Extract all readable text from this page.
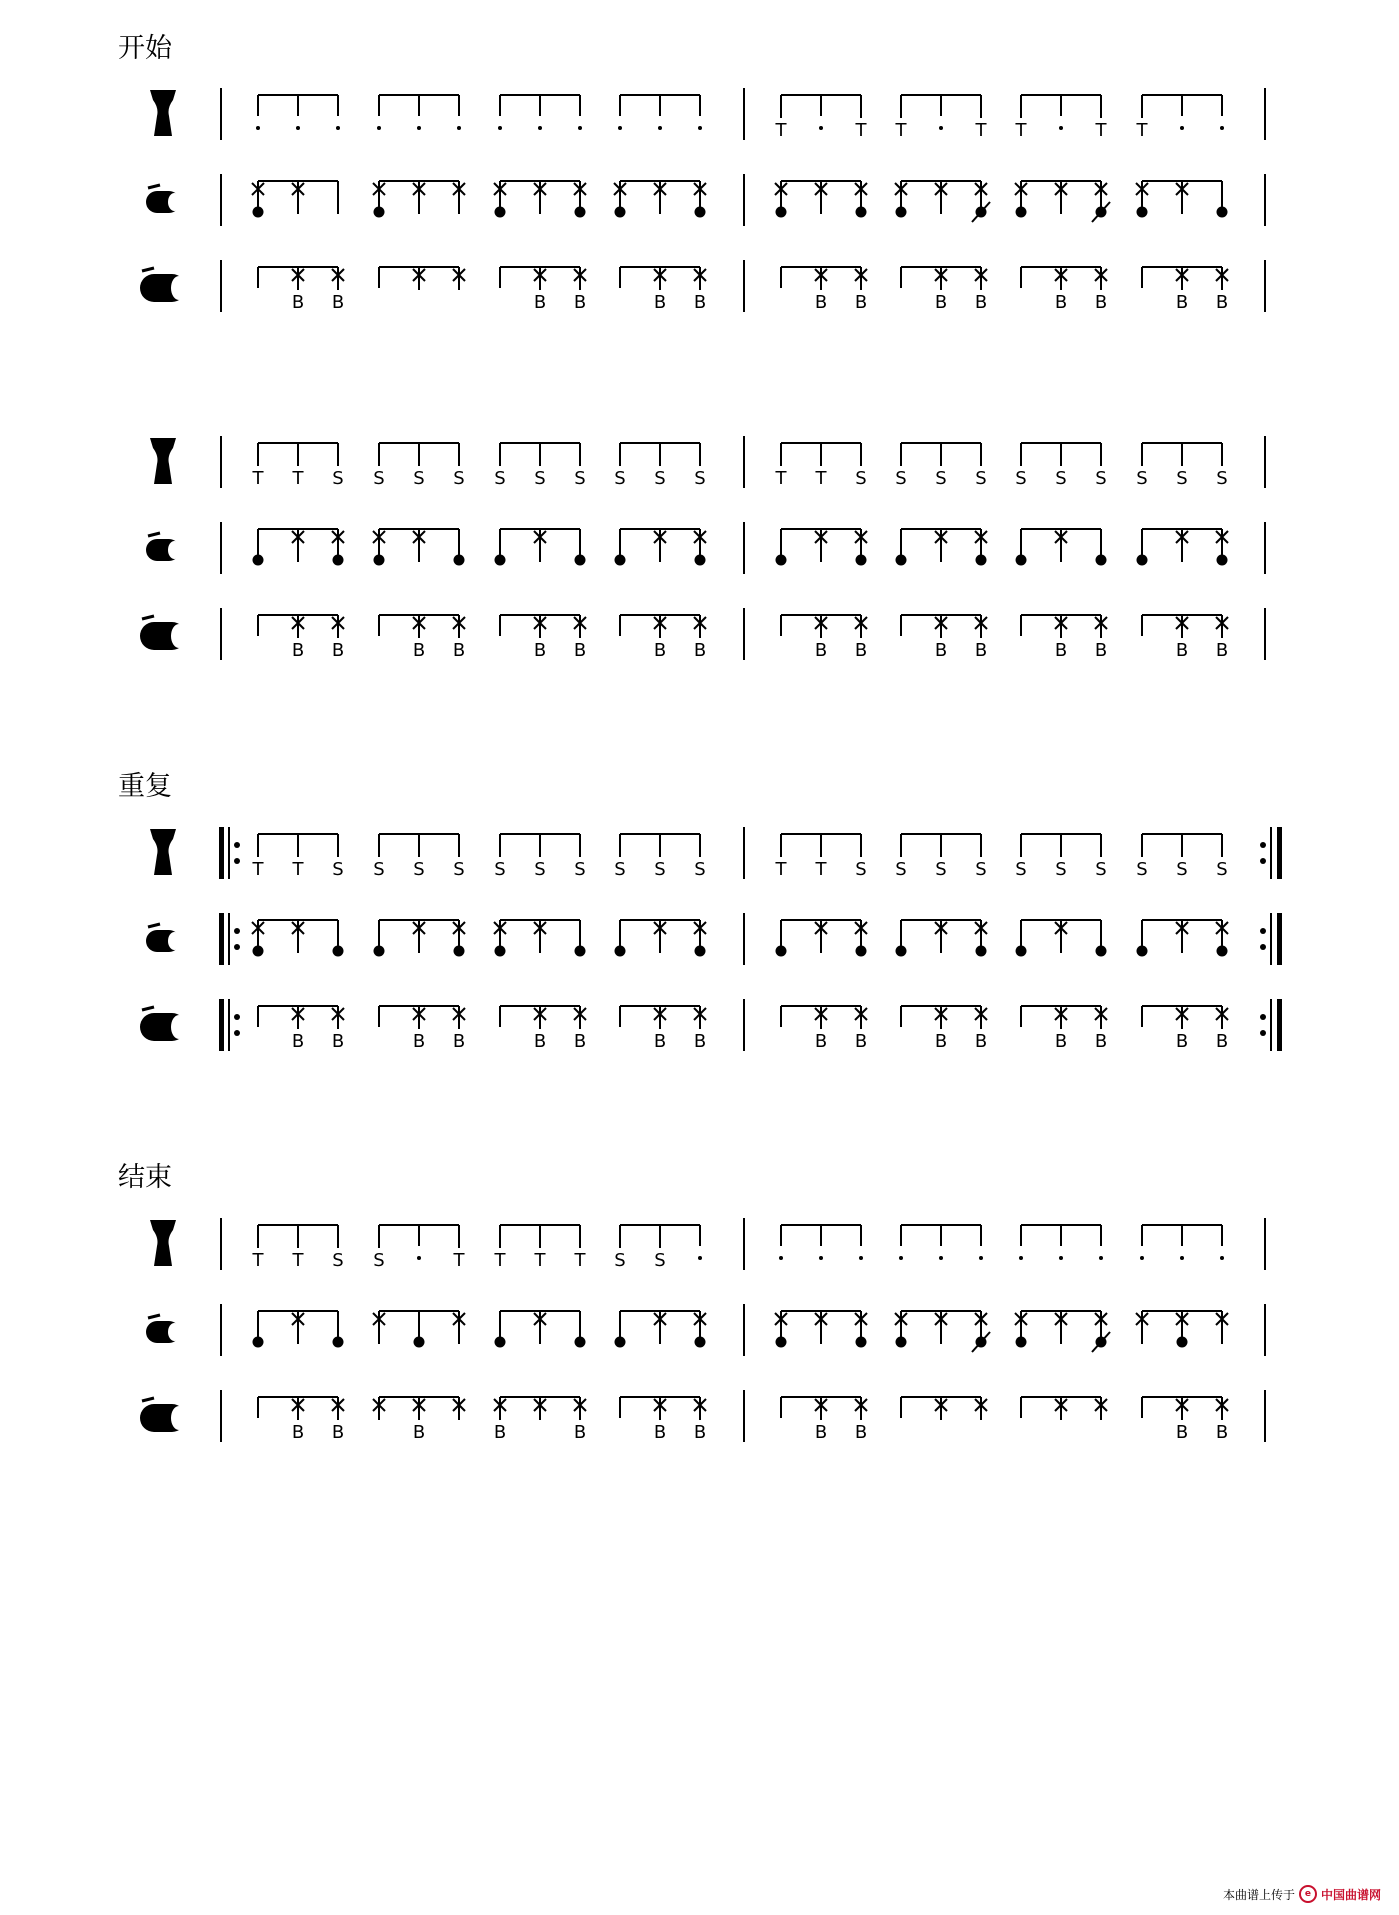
T	T T	T T	T T
B B	B B	B B	B B	B B	B B	B B
T T S S S S S S S S S S	T T S S S S S S S S S S
B B	B B	B B	B B	B B	B B	B B	B B
T T S S S S S S S S S S	T T S S S S S S S S S S
B B	B B	B B	B B	B B	B B	B B	B B
T T S S	T T T T S S
B B	B	B	B	B B	B B	B B
开始
重复
结束
本曲谱上传于	e 中国曲谱网
